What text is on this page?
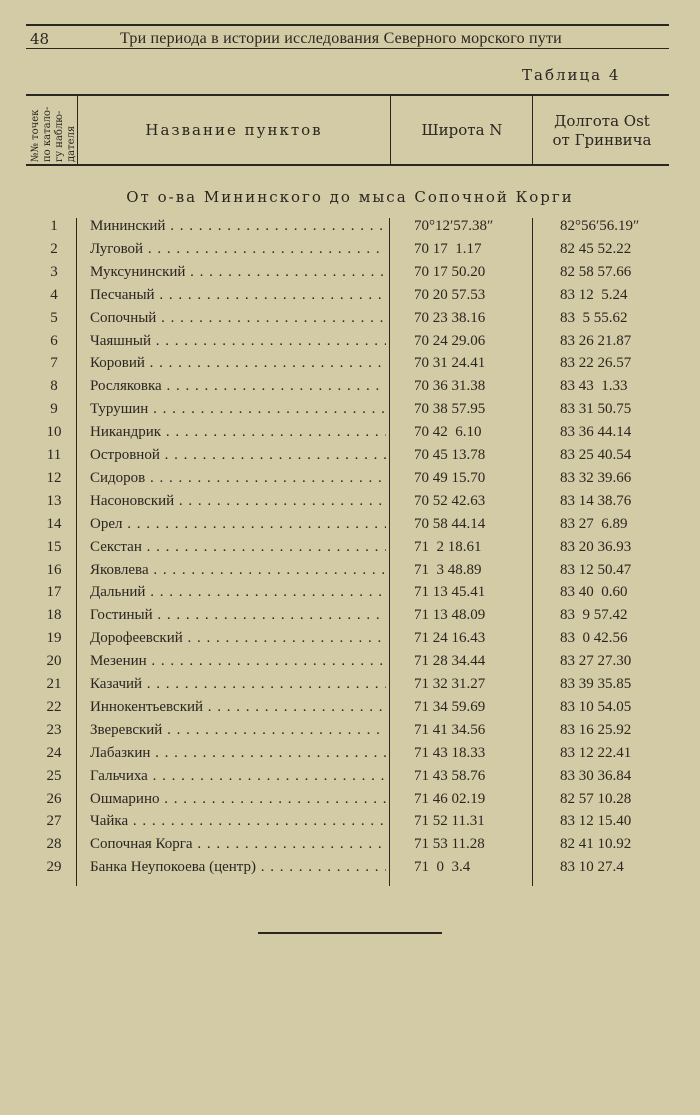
48	Три периода в истории исследования Северного морского пути
Таблица 4
№№ точек по катало- гу наблю- дателя	Название пунктов	Широта N	Долгота Ost
от Гринвича
От о-ва Мининского до мыса Сопочной Корги
1	Мининский . . .	70°12′57.38″	82°56′56.19″
2	Луговой . . .	70 17  1.17	82 45 52.22
3	Муксунинский . . .	70 17 50.20	82 58 57.66
4	Песчаный . . .	70 20 57.53	83 12  5.24
5	Сопочный . . .	70 23 38.16	83  5 55.62
6	Чаяшный . . .	70 24 29.06	83 26 21.87
7	Коровий . . .	70 31 24.41	83 22 26.57
8	Росляковка . . .	70 36 31.38	83 43  1.33
9	Турушин . . .	70 38 57.95	83 31 50.75
10	Никандрик . . .	70 42  6.10	83 36 44.14
11	Островной . . .	70 45 13.78	83 25 40.54
12	Сидоров . . .	70 49 15.70	83 32 39.66
13	Насоновский . . .	70 52 42.63	83 14 38.76
14	Орел . . .	70 58 44.14	83 27  6.89
15	Секстан . . .	71  2 18.61	83 20 36.93
16	Яковлева . . .	71  3 48.89	83 12 50.47
17	Дальний . . .	71 13 45.41	83 40  0.60
18	Гостиный . . .	71 13 48.09	83  9 57.42
19	Дорофеевский . . .	71 24 16.43	83  0 42.56
20	Мезенин . . .	71 28 34.44	83 27 27.30
21	Казачий . . .	71 32 31.27	83 39 35.85
22	Иннокентьевский . . .	71 34 59.69	83 10 54.05
23	Зверевский . . .	71 41 34.56	83 16 25.92
24	Лабазкин . . .	71 43 18.33	83 12 22.41
25	Гальчиха . . .	71 43 58.76	83 30 36.84
26	Ошмарино . . .	71 46 02.19	82 57 10.28
27	Чайка . . .	71 52 11.31	83 12 15.40
28	Сопочная Корга . . .	71 53 11.28	82 41 10.92
29	Банка Неупокоева (центр) . . .	71  0  3.4	83 10 27.4
